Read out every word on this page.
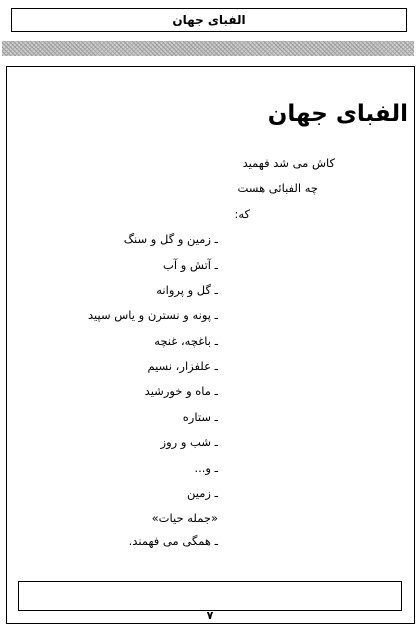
الفبای جهان
الفبای جهان
کاش می شد فهمید
چه الفبائی هست
که:
ـ زمین و گل و سنگ
ـ آتش و آب
ـ گل و پروانه
ـ پونه و نسترن و یاس سپید
ـ باغچه، غنچه
ـ علفزار، نسیم
ـ ماه و خورشید
ـ ستاره
ـ شب و روز
ـ و...
ـ زمین
«جمله حیات»
ـ همگی می فهمند.
۷
